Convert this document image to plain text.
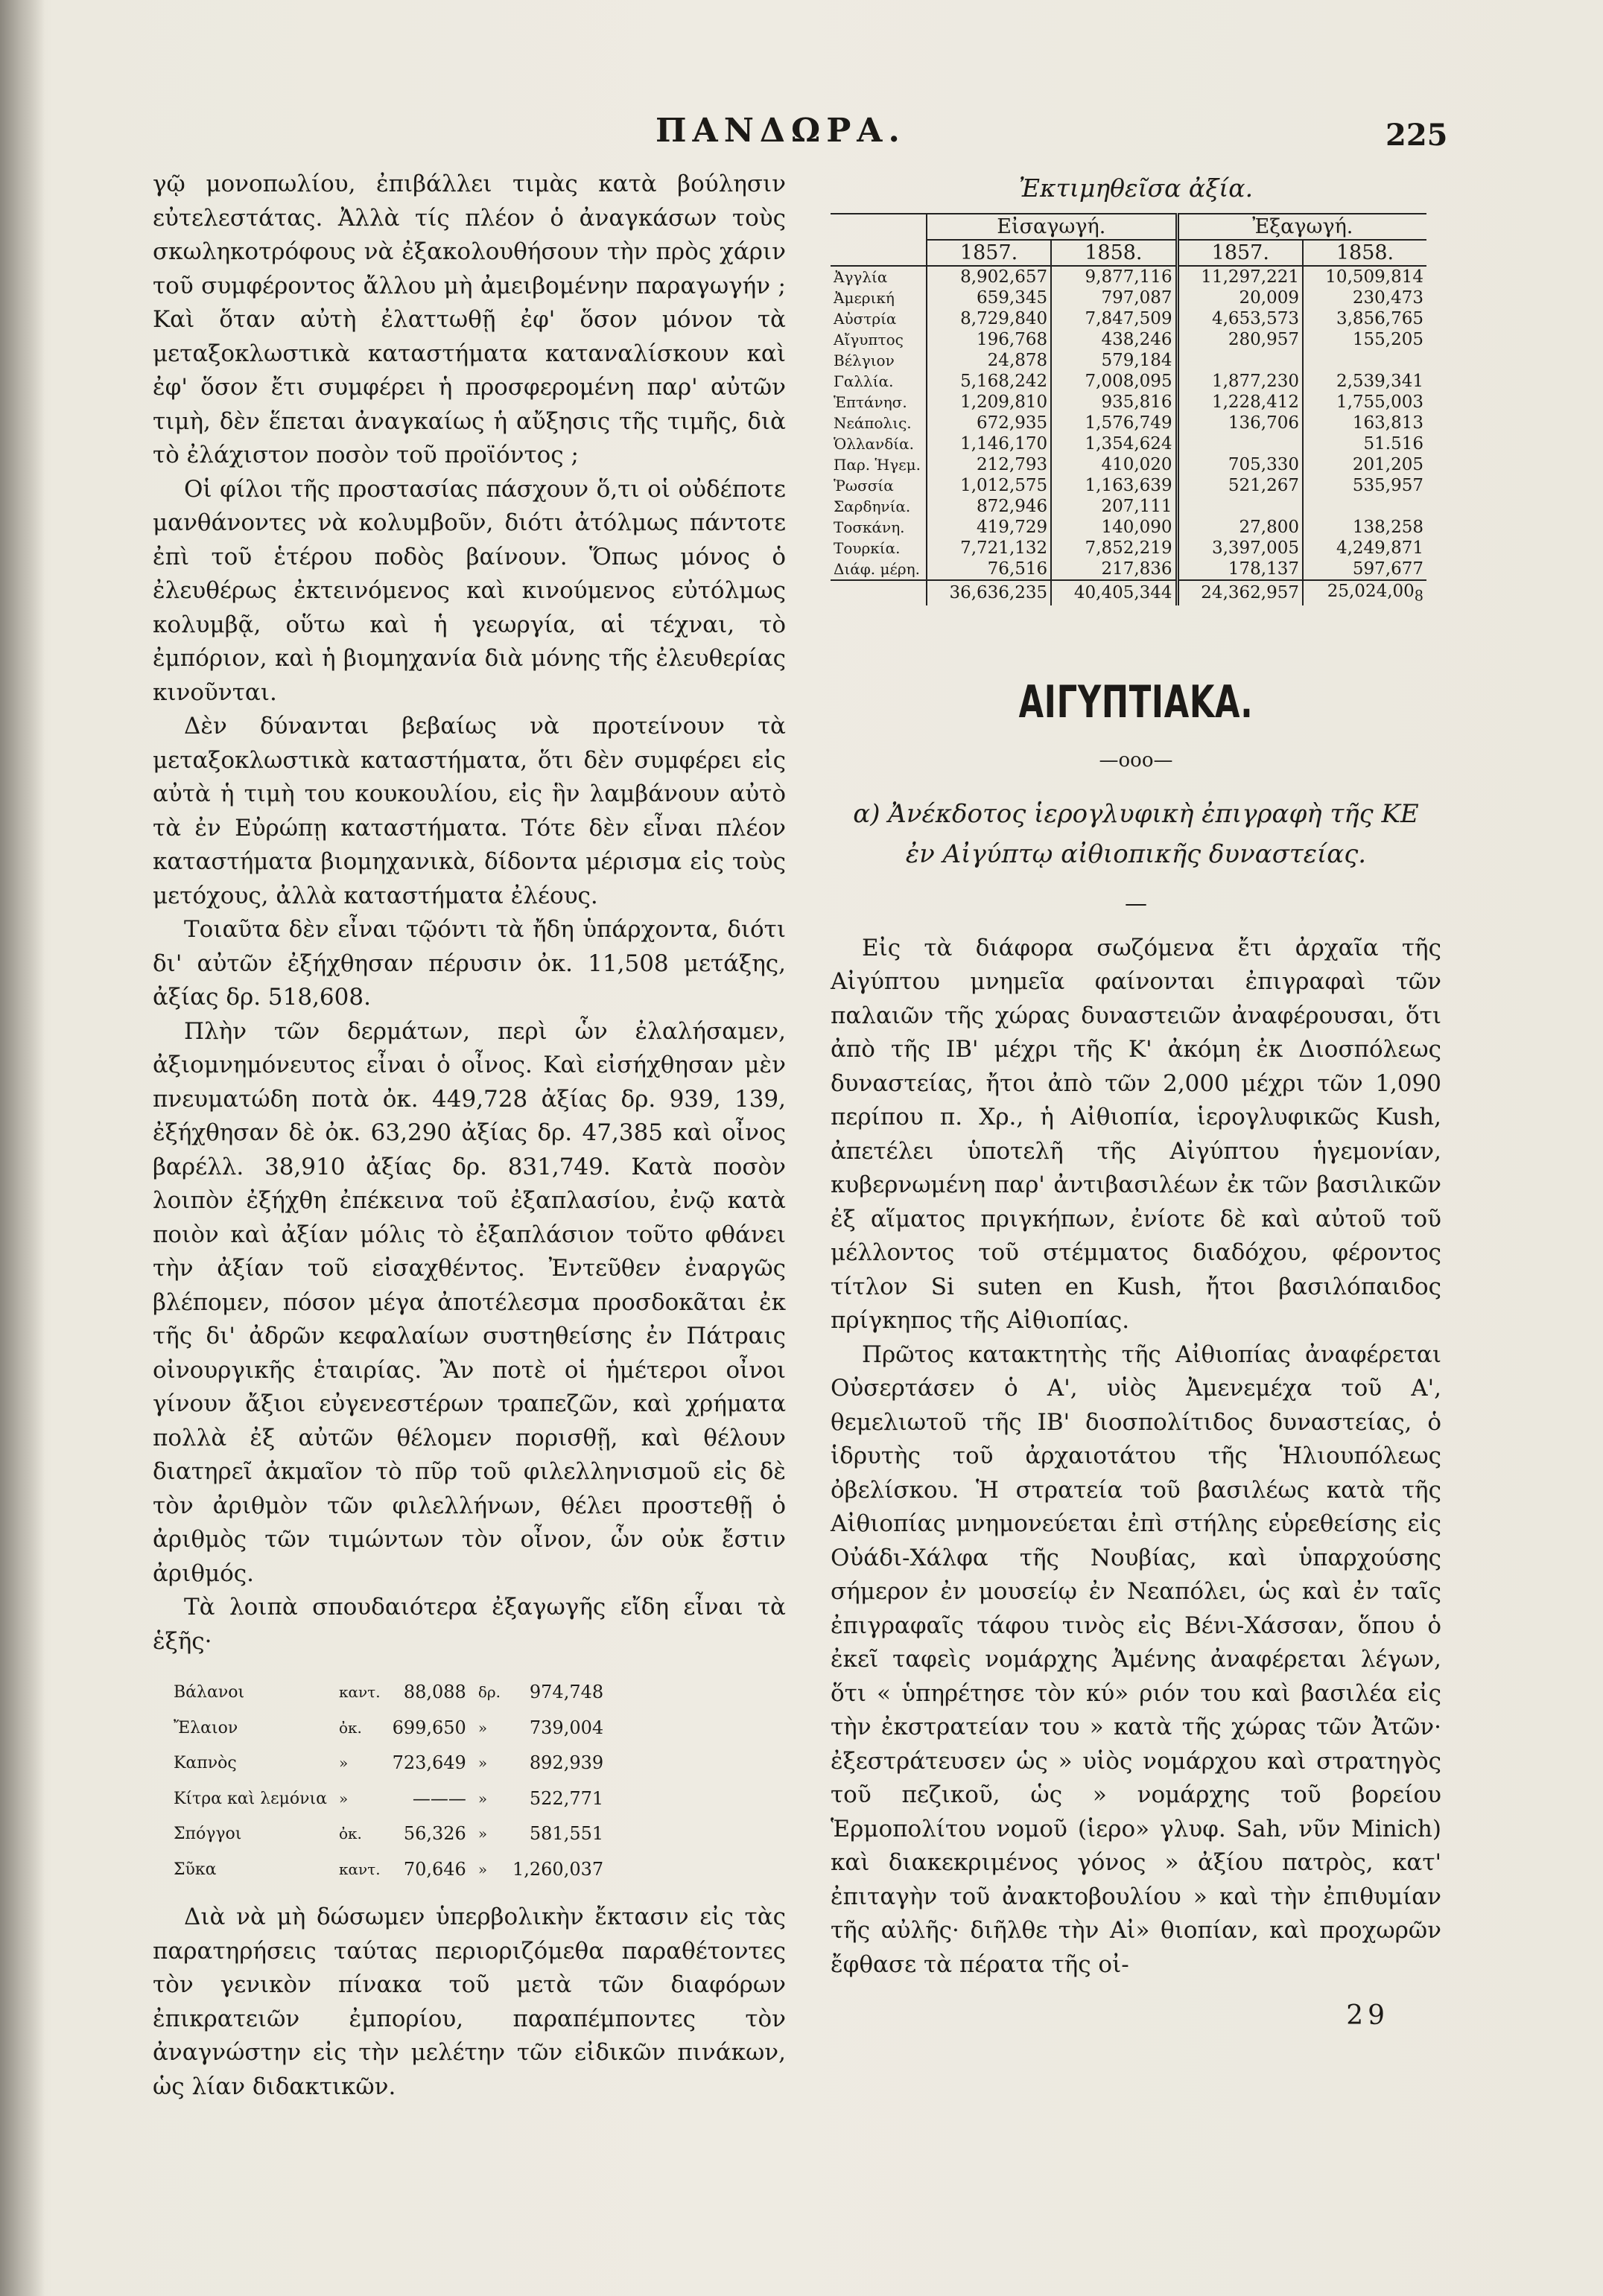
ΠΑΝΔΩΡΑ.	225

γῷ μονοπωλίου, ἐπιβάλλει τιμὰς κατὰ βούλησιν εὐτελεστάτας. Ἀλλὰ τίς πλέον ὁ ἀναγκάσων τοὺς σκωληκοτρόφους νὰ ἐξακολουθήσουν τὴν πρὸς χάριν τοῦ συμφέροντος ἄλλου μὴ ἀμειβομένην παραγωγήν ; Καὶ ὅταν αὐτὴ ἐλαττωθῇ ἐφ' ὅσον μόνον τὰ μεταξοκλωστικὰ καταστήματα καταναλίσκουν καὶ ἐφ' ὅσον ἔτι συμφέρει ἡ προσφερομένη παρ' αὐτῶν τιμὴ, δὲν ἕπεται ἀναγκαίως ἡ αὔξησις τῆς τιμῆς, διὰ τὸ ἐλάχιστον ποσὸν τοῦ προϊόντος ;

Οἱ φίλοι τῆς προστασίας πάσχουν ὅ,τι οἱ οὐδέποτε μανθάνοντες νὰ κολυμβοῦν, διότι ἀτόλμως πάντοτε ἐπὶ τοῦ ἑτέρου ποδὸς βαίνουν. Ὅπως μόνος ὁ ἐλευθέρως ἐκτεινόμενος καὶ κινούμενος εὐτόλμως κολυμβᾷ, οὕτω καὶ ἡ γεωργία, αἱ τέχναι, τὸ ἐμπόριον, καὶ ἡ βιομηχανία διὰ μόνης τῆς ἐλευθερίας κινοῦνται.

Δὲν δύνανται βεβαίως νὰ προτείνουν τὰ μεταξοκλωστικὰ καταστήματα, ὅτι δὲν συμφέρει εἰς αὐτὰ ἡ τιμὴ του κουκουλίου, εἰς ἣν λαμβάνουν αὐτὸ τὰ ἐν Εὐρώπῃ καταστήματα. Τότε δὲν εἶναι πλέον καταστήματα βιομηχανικὰ, δίδοντα μέρισμα εἰς τοὺς μετόχους, ἀλλὰ καταστήματα ἐλέους.

Τοιαῦτα δὲν εἶναι τῷόντι τὰ ἤδη ὑπάρχοντα, διότι δι' αὐτῶν ἐξήχθησαν πέρυσιν ὀκ. 11,508 μετάξης, ἀξίας δρ. 518,608.

Πλὴν τῶν δερμάτων, περὶ ὧν ἐλαλήσαμεν, ἀξιομνημόνευτος εἶναι ὁ οἶνος. Καὶ εἰσήχθησαν μὲν πνευματώδη ποτὰ ὀκ. 449,728 ἀξίας δρ. 939, 139, ἐξήχθησαν δὲ ὀκ. 63,290 ἀξίας δρ. 47,385 καὶ οἶνος βαρέλλ. 38,910 ἀξίας δρ. 831,749. Κατὰ ποσὸν λοιπὸν ἐξήχθη ἐπέκεινα τοῦ ἐξαπλασίου, ἐνῷ κατὰ ποιὸν καὶ ἀξίαν μόλις τὸ ἐξαπλάσιον τοῦτο φθάνει τὴν ἀξίαν τοῦ εἰσαχθέντος. Ἐντεῦθεν ἐναργῶς βλέπομεν, πόσον μέγα ἀποτέλεσμα προσδοκᾶται ἐκ τῆς δι' ἀδρῶν κεφαλαίων συστηθείσης ἐν Πάτραις οἰνουργικῆς ἑταιρίας. Ἂν ποτὲ οἱ ἡμέτεροι οἶνοι γίνουν ἄξιοι εὐγενεστέρων τραπεζῶν, καὶ χρήματα πολλὰ ἐξ αὐτῶν θέλομεν πορισθῇ, καὶ θέλουν διατηρεῖ ἀκμαῖον τὸ πῦρ τοῦ φιλελληνισμοῦ εἰς δὲ τὸν ἀριθμὸν τῶν φιλελλήνων, θέλει προστεθῇ ὁ ἀριθμὸς τῶν τιμώντων τὸν οἶνον, ὧν οὐκ ἔστιν ἀριθμός.

Τὰ λοιπὰ σπουδαιότερα ἐξαγωγῆς εἴδη εἶναι τὰ ἑξῆς·

Βάλανοι	καντ.	88,088	δρ.	974,748
Ἔλαιον	ὀκ.	699,650	»	739,004
Καπνὸς	»	723,649	»	892,939
Κίτρα καὶ λεμόνια	»	———	»	522,771
Σπόγγοι	ὀκ.	56,326	»	581,551
Σῦκα	καντ.	70,646	»	1,260,037

Διὰ νὰ μὴ δώσωμεν ὑπερβολικὴν ἔκτασιν εἰς τὰς παρατηρήσεις ταύτας περιοριζόμεθα παραθέτοντες τὸν γενικὸν πίνακα τοῦ μετὰ τῶν διαφόρων ἐπικρατειῶν ἐμπορίου, παραπέμποντες τὸν ἀναγνώστην εἰς τὴν μελέτην τῶν εἰδικῶν πινάκων, ὡς λίαν διδακτικῶν.

Ἐκτιμηθεῖσα ἀξία.
	Εἰσαγωγή.		Ἐξαγωγή.	
	1857.	1858.	1857.	1858.
Ἀγγλία	8,902,657	9,877,116	11,297,221	10,509,814
Ἀμερική	659,345	797,087	20,009	230,473
Αὐστρία	8,729,840	7,847,509	4,653,573	3,856,765
Αἴγυπτος	196,768	438,246	280,957	155,205
Βέλγιον	24,878	579,184		
Γαλλία.	5,168,242	7,008,095	1,877,230	2,539,341
Ἑπτάνησ.	1,209,810	935,816	1,228,412	1,755,003
Νεάπολις.	672,935	1,576,749	136,706	163,813
Ὁλλανδία.	1,146,170	1,354,624		51.516
Παρ. Ἡγεμ.	212,793	410,020	705,330	201,205
Ῥωσσία	1,012,575	1,163,639	521,267	535,957
Σαρδηνία.	872,946	207,111		
Τοσκάνη.	419,729	140,090	27,800	138,258
Τουρκία.	7,721,132	7,852,219	3,397,005	4,249,871
Διάφ. μέρη.	76,516	217,836	178,137	597,677
	36,636,235	40,405,344	24,362,957	$25,024,00_8$
ΑΙΓΥΠΤΙΑΚΑ.
—ooo—
α) Ἀνέκδοτος ἱερογλυφικὴ ἐπιγραφὴ τῆς ΚΕ
ἐν Αἰγύπτῳ αἰθιοπικῆς δυναστείας.
—

Εἰς τὰ διάφορα σωζόμενα ἔτι ἀρχαῖα τῆς Αἰγύπτου μνημεῖα φαίνονται ἐπιγραφαὶ τῶν παλαιῶν τῆς χώρας δυναστειῶν ἀναφέρουσαι, ὅτι ἀπὸ τῆς ΙΒ' μέχρι τῆς Κ' ἀκόμη ἐκ Διοσπόλεως δυναστείας, ἤτοι ἀπὸ τῶν 2,000 μέχρι τῶν 1,090 περίπου π. Χρ., ἡ Αἰθιοπία, ἱερογλυφικῶς Kush, ἀπετέλει ὑποτελῆ τῆς Αἰγύπτου ἡγεμονίαν, κυβερνωμένη παρ' ἀντιβασιλέων ἐκ τῶν βασιλικῶν ἐξ αἵματος πριγκήπων, ἐνίοτε δὲ καὶ αὐτοῦ τοῦ μέλλοντος τοῦ στέμματος διαδόχου, φέροντος τίτλον Si suten en Kush, ἤτοι βασιλόπαιδος πρίγκηπος τῆς Αἰθιοπίας.

Πρῶτος κατακτητὴς τῆς Αἰθιοπίας ἀναφέρεται Οὐσερτάσεν ὁ Α', υἱὸς Ἀμενεμέχα τοῦ Α', θεμελιωτοῦ τῆς ΙΒ' διοσπολίτιδος δυναστείας, ὁ ἱδρυτὴς τοῦ ἀρχαιοτάτου τῆς Ἡλιουπόλεως ὀβελίσκου. Ἡ στρατεία τοῦ βασιλέως κατὰ τῆς Αἰθιοπίας μνημονεύεται ἐπὶ στήλης εὑρεθείσης εἰς Οὐάδι-Χάλφα τῆς Νουβίας, καὶ ὑπαρχούσης σήμερον ἐν μουσείῳ ἐν Νεαπόλει, ὡς καὶ ἐν ταῖς ἐπιγραφαῖς τάφου τινὸς εἰς Βένι-Χάσσαν, ὅπου ὁ ἐκεῖ ταφεὶς νομάρχης Ἀμένης ἀναφέρεται λέγων, ὅτι « ὑπηρέτησε τὸν κύ» ριόν του καὶ βασιλέα εἰς τὴν ἐκστρατείαν του » κατὰ τῆς χώρας τῶν Ἀτῶν· ἐξεστράτευσεν ὡς » υἱὸς νομάρχου καὶ στρατηγὸς τοῦ πεζικοῦ, ὡς » νομάρχης τοῦ βορείου Ἑρμοπολίτου νομοῦ (ἱερο» γλυφ. Sah, νῦν Minich) καὶ διακεκριμένος γόνος » ἀξίου πατρὸς, κατ' ἐπιταγὴν τοῦ ἀνακτοβουλίου » καὶ τὴν ἐπιθυμίαν τῆς αὐλῆς· διῆλθε τὴν Αἰ» θιοπίαν, καὶ προχωρῶν ἔφθασε τὰ πέρατα τῆς οἰ-

29
